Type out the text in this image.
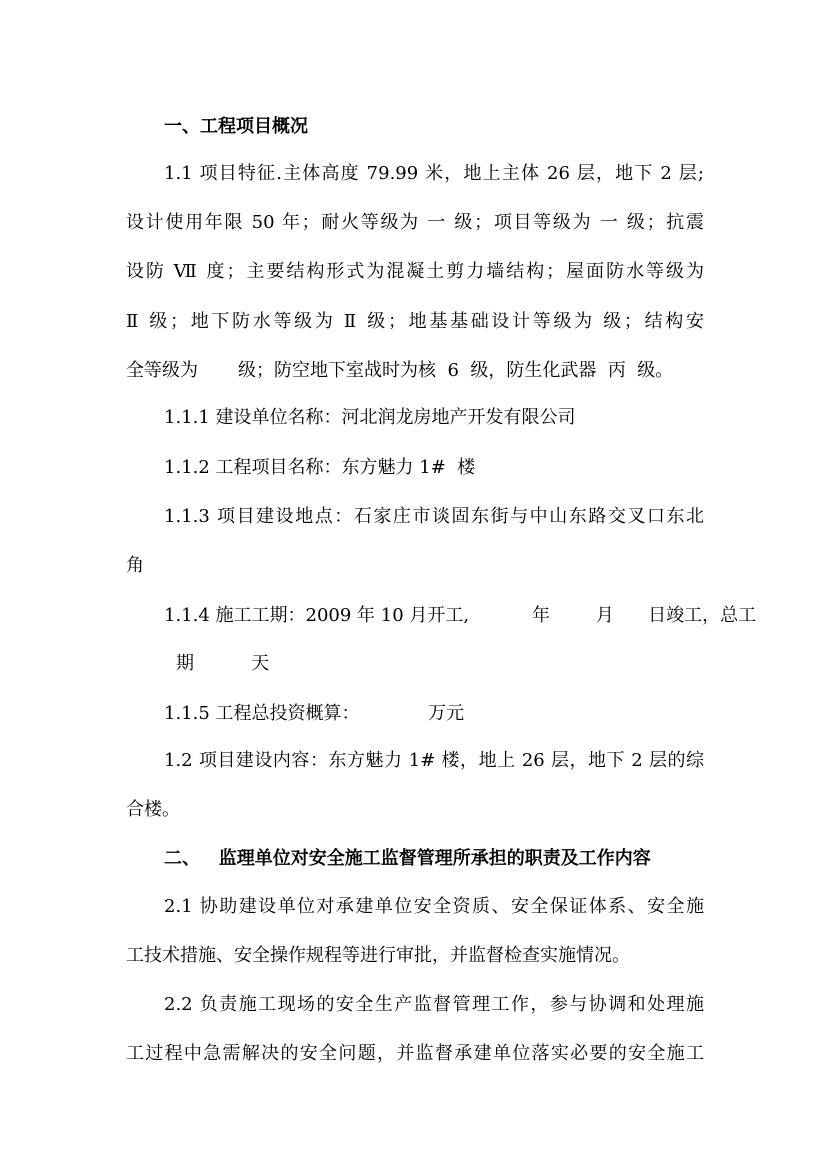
一、工程项目概况
1.1 项目特征.主体高度 79.99 米，地上主体 26 层，地下 2 层;
设计使用年限 50 年；耐火等级为 一 级；项目等级为 一 级；抗震
设防 Ⅶ 度；主要结构形式为混凝土剪力墙结构；屋面防水等级为
Ⅱ 级；地下防水等级为 Ⅱ 级；地基基础设计等级为 级；结构安
全等级为       级；防空地下室战时为核  6  级，防生化武器  丙  级。
1.1.1 建设单位名称：河北润龙房地产开发有限公司
1.1.2 工程项目名称：东方魅力 1#  楼
1.1.3 项目建设地点：石家庄市谈固东街与中山东路交叉口东北
角
1.1.4 施工工期：2009 年 10 月开工,           年        月      日竣工，总工
期          天
1.1.5 工程总投资概算：            万元
1.2 项目建设内容：东方魅力 1# 楼，地上 26 层，地下 2 层的综
合楼。
二、   监理单位对安全施工监督管理所承担的职责及工作内容
2.1 协助建设单位对承建单位安全资质、安全保证体系、安全施
工技术措施、安全操作规程等进行审批，并监督检查实施情况。
2.2 负责施工现场的安全生产监督管理工作，参与协调和处理施
工过程中急需解决的安全问题，并监督承建单位落实必要的安全施工
